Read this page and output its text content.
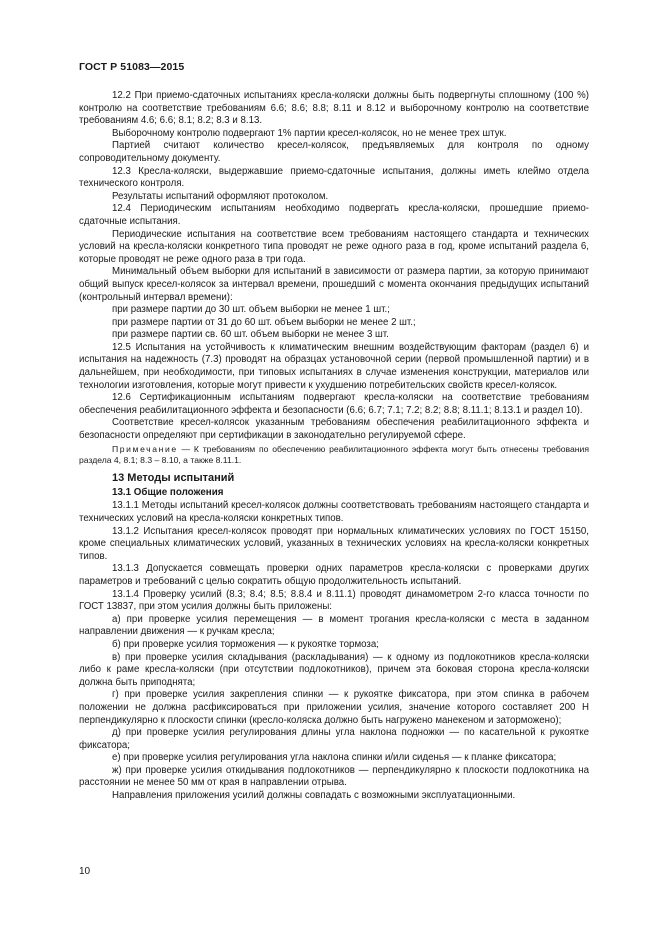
ГОСТ Р 51083—2015

12.2 При приемо-сдаточных испытаниях кресла-коляски должны быть подвергнуты сплошному (100 %) контролю на соответствие требованиям 6.6; 8.6; 8.8; 8.11 и 8.12 и выборочному контролю на соответствие требованиям 4.6; 6.6; 8.1; 8.2; 8.3 и 8.13.

Выборочному контролю подвергают 1% партии кресел-колясок, но не менее трех штук.

Партией считают количество кресел-колясок, предъявляемых для контроля по одному сопроводительному документу.

12.3 Кресла-коляски, выдержавшие приемо-сдаточные испытания, должны иметь клеймо отдела технического контроля.

Результаты испытаний оформляют протоколом.

12.4 Периодическим испытаниям необходимо подвергать кресла-коляски, прошедшие приемо-сдаточные испытания.

Периодические испытания на соответствие всем требованиям настоящего стандарта и технических условий на кресла-коляски конкретного типа проводят не реже одного раза в год, кроме испытаний раздела 6, которые проводят не реже одного раза в три года.

Минимальный объем выборки для испытаний в зависимости от размера партии, за которую принимают общий выпуск кресел-колясок за интервал времени, прошедший с момента окончания предыдущих испытаний (контрольный интервал времени):

при размере партии до 30 шт. объем выборки не менее 1 шт.;

при размере партии от 31 до 60 шт. объем выборки не менее 2 шт.;

при размере партии св. 60 шт. объем выборки не менее 3 шт.

12.5 Испытания на устойчивость к климатическим внешним воздействующим факторам (раздел 6) и испытания на надежность (7.3) проводят на образцах установочной серии (первой промышленной партии) и в дальнейшем, при необходимости, при типовых испытаниях в случае изменения конструкции, материалов или технологии изготовления, которые могут привести к ухудшению потребительских свойств кресел-колясок.

12.6 Сертификационным испытаниям подвергают кресла-коляски на соответствие требованиям обеспечения реабилитационного эффекта и безопасности (6.6; 6.7; 7.1; 7.2; 8.2; 8.8; 8.11.1; 8.13.1 и раздел 10).

Соответствие кресел-колясок указанным требованиям обеспечения реабилитационного эффекта и безопасности определяют при сертификации в законодательно регулируемой сфере.

Примечание — К требованиям по обеспечению реабилитационного эффекта могут быть отнесены требования раздела 4, 8.1; 8.3 – 8.10, а также 8.11.1.

13 Методы испытаний
13.1 Общие положения

13.1.1 Методы испытаний кресел-колясок должны соответствовать требованиям настоящего стандарта и технических условий на кресла-коляски конкретных типов.

13.1.2 Испытания кресел-колясок проводят при нормальных климатических условиях по ГОСТ 15150, кроме специальных климатических условий, указанных в технических условиях на кресла-коляски конкретных типов.

13.1.3 Допускается совмещать проверки одних параметров кресла-коляски с проверками других параметров и требований с целью сократить общую продолжительность испытаний.

13.1.4 Проверку усилий (8.3; 8.4; 8.5; 8.8.4 и 8.11.1) проводят динамометром 2-го класса точности по ГОСТ 13837, при этом усилия должны быть приложены:

а) при проверке усилия перемещения — в момент трогания кресла-коляски с места в заданном направлении движения — к ручкам кресла;

б) при проверке усилия торможения — к рукоятке тормоза;

в) при проверке усилия складывания (раскладывания) — к одному из подлокотников кресла-коляски либо к раме кресла-коляски (при отсутствии подлокотников), причем эта боковая сторона кресла-коляски должна быть приподнята;

г) при проверке усилия закрепления спинки — к рукоятке фиксатора, при этом спинка в рабочем положении не должна расфиксироваться при приложении усилия, значение которого составляет 200 Н перпендикулярно к плоскости спинки (кресло-коляска должно быть нагружено манекеном и заторможено);

д) при проверке усилия регулирования длины угла наклона подножки — по касательной к рукоятке фиксатора;

е) при проверке усилия регулирования угла наклона спинки и/или сиденья — к планке фиксатора;

ж) при проверке усилия откидывания подлокотников — перпендикулярно к плоскости подлокотника на расстоянии не менее 50 мм от края в направлении отрыва.

Направления приложения усилий должны совпадать с возможными эксплуатационными.

10
